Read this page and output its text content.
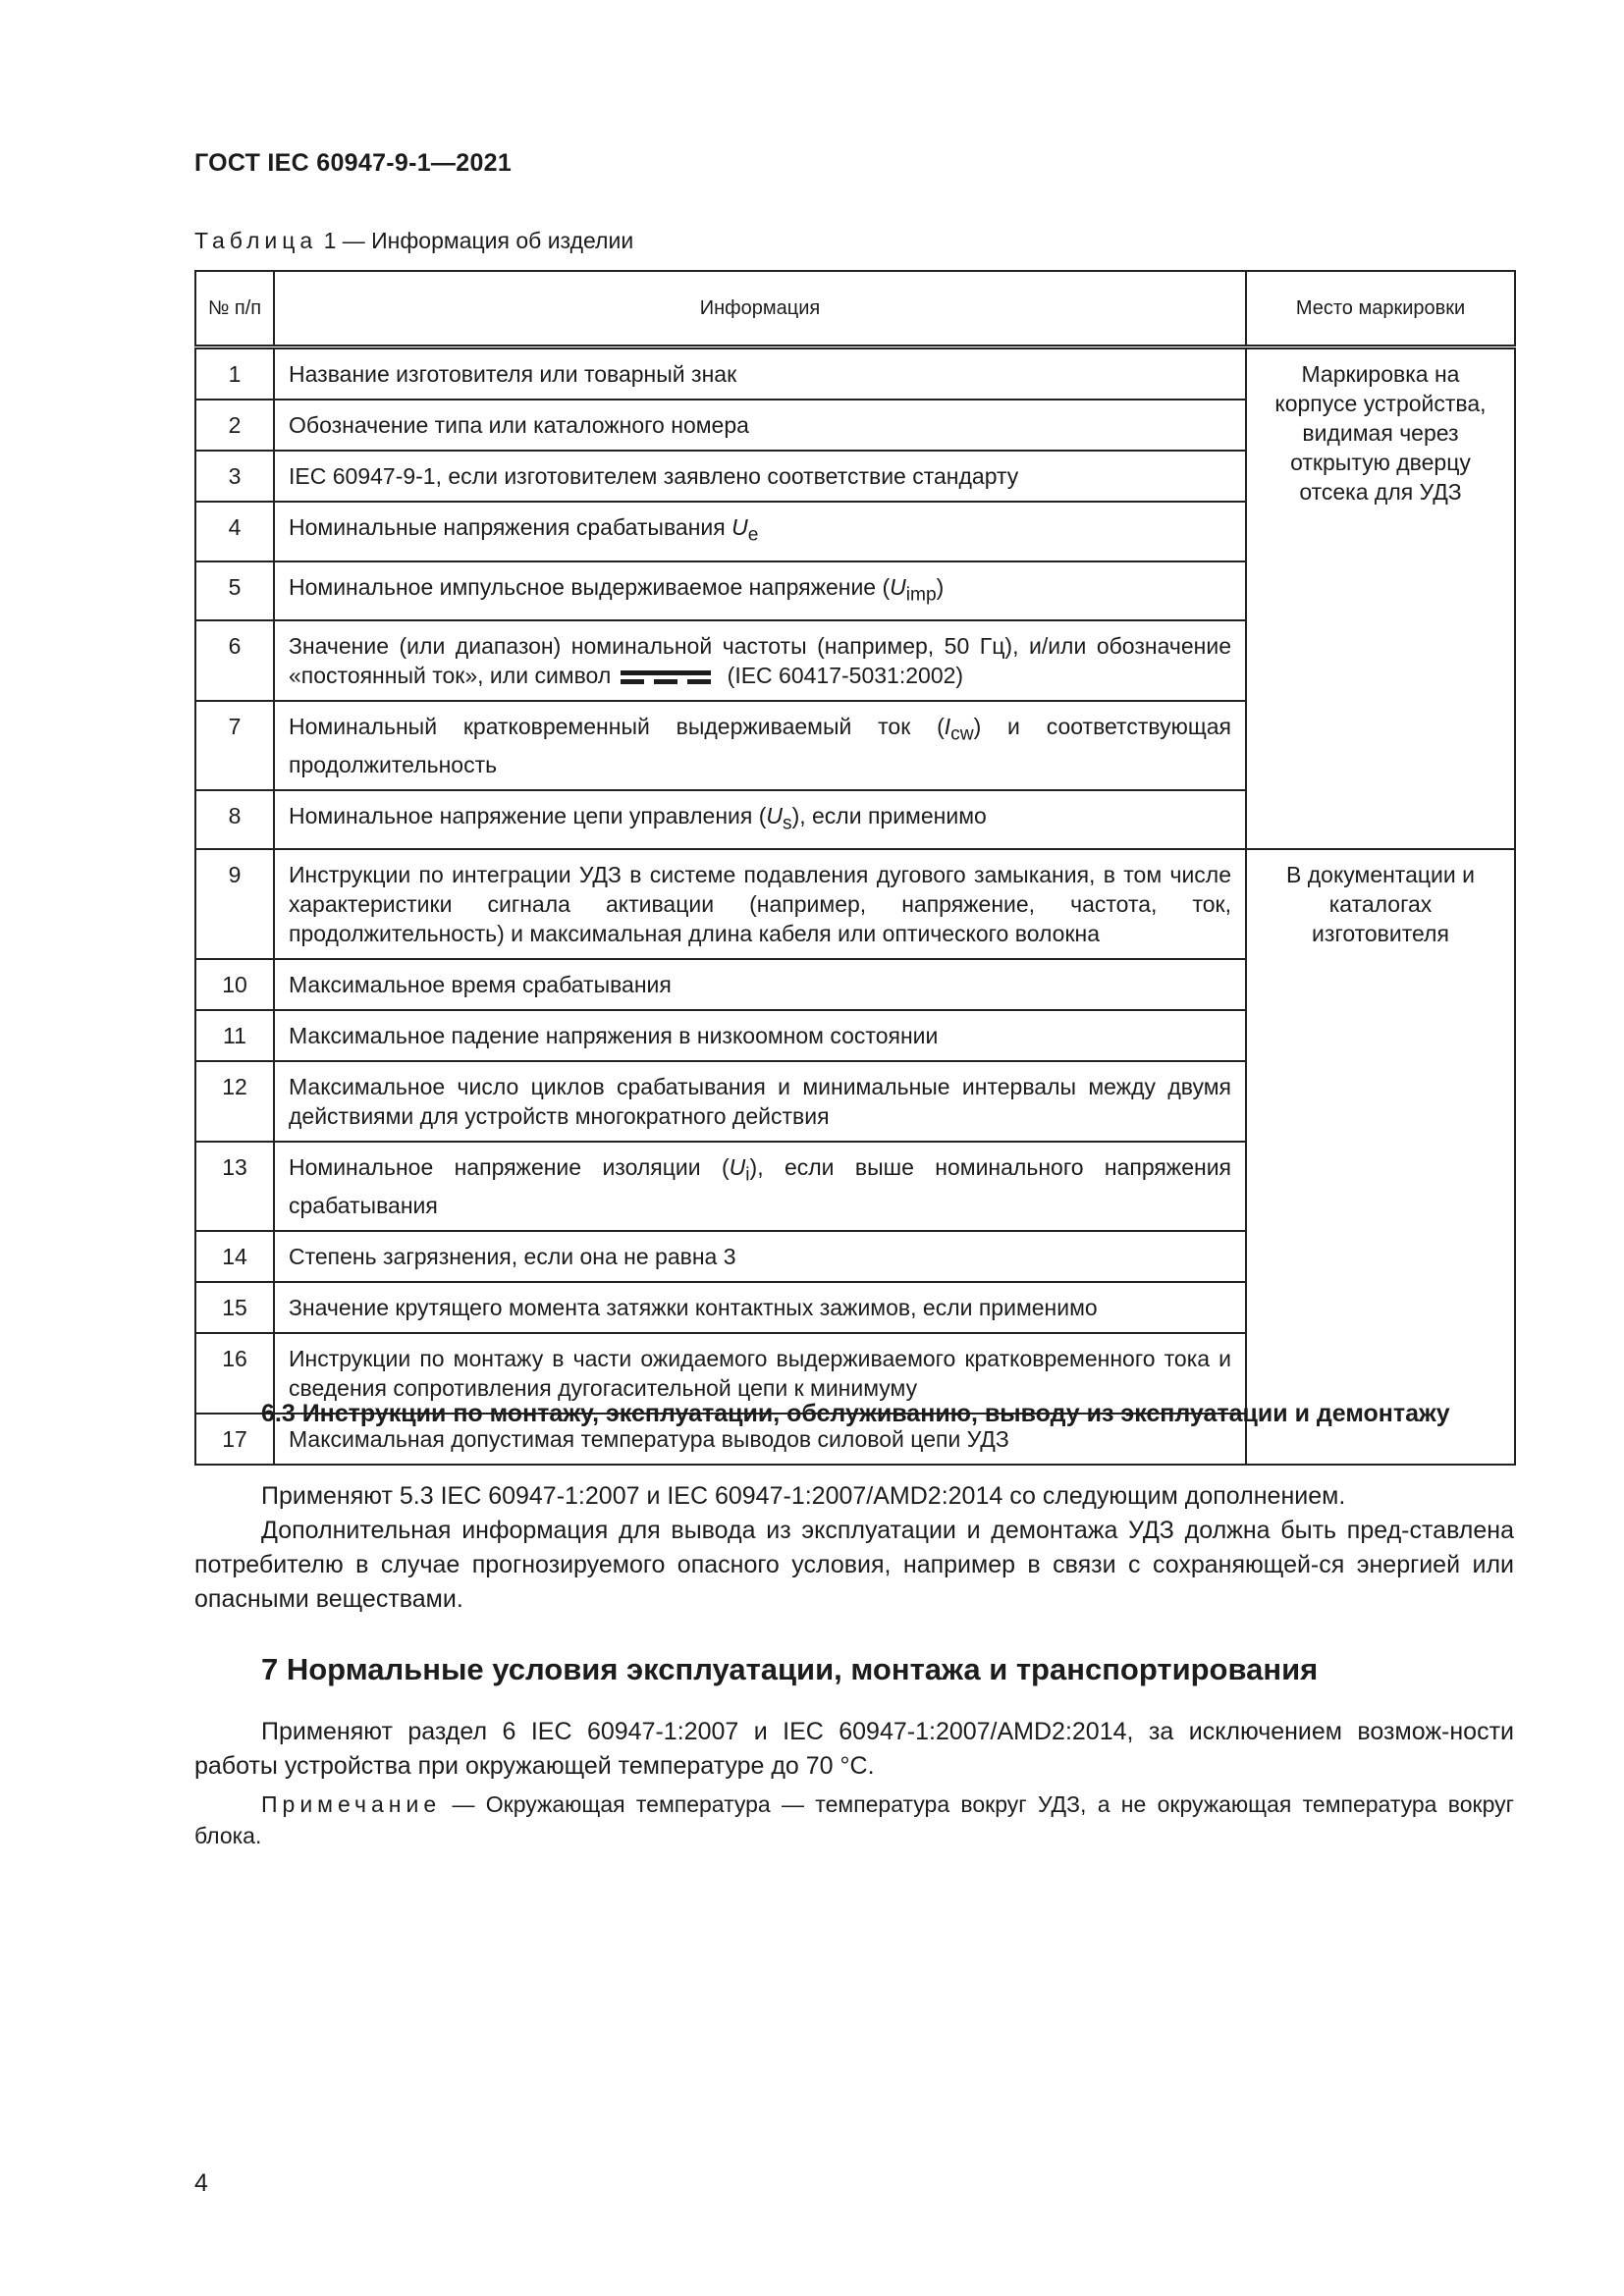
ГОСТ IEC 60947-9-1—2021
Таблица 1 — Информация об изделии
№ п/п	Информация	Место маркировки
1	Название изготовителя или товарный знак	Маркировка на корпусе устройства, видимая через открытую дверцу отсека для УДЗ
2	Обозначение типа или каталожного номера	
3	IEC 60947-9-1, если изготовителем заявлено соответствие стандарту	
4	Номинальные напряжения срабатывания $U_e$
5	Номинальное импульсное выдерживаемое напряжение $(U_{imp})$	
6	Значение (или диапазон) номинальной частоты (например, 50 Гц), и/или обозначение «постоянный ток», или символ (IEC 60417-5031:2002)	
7	Номинальный кратковременный выдерживаемый ток $(I_{cw})$ и соответствующая продолжительность	
8	Номинальное напряжение цепи управления $(U_s)$, если применимо	
9	Инструкции по интеграции УДЗ в системе подавления дугового замыкания, в том числе характеристики сигнала активации (например, напряжение, частота, ток, продолжительность) и максимальная длина кабеля или оптического волокна	В документации и каталогах изготовителя
10	Максимальное время срабатывания	
11	Максимальное падение напряжения в низкоомном состоянии	
12	Максимальное число циклов срабатывания и минимальные интервалы между двумя действиями для устройств многократного действия	
13	Номинальное напряжение изоляции $(U_i)$, если выше номинального напряжения срабатывания	
14	Степень загрязнения, если она не равна 3	
15	Значение крутящего момента затяжки контактных зажимов, если применимо	
16	Инструкции по монтажу в части ожидаемого выдерживаемого кратковременного тока и сведения сопротивления дугогасительной цепи к минимуму	
17	Максимальная допустимая температура выводов силовой цепи УДЗ	
6.3 Инструкции по монтажу, эксплуатации, обслуживанию, выводу из эксплуатации и демонтажу
Применяют 5.3 IEC 60947-1:2007 и IEC 60947-1:2007/AMD2:2014 со следующим дополнением.
Дополнительная информация для вывода из эксплуатации и демонтажа УДЗ должна быть пред-ставлена потребителю в случае прогнозируемого опасного условия, например в связи с сохраняющей-ся энергией или опасными веществами.
7 Нормальные условия эксплуатации, монтажа и транспортирования
Применяют раздел 6 IEC 60947-1:2007 и IEC 60947-1:2007/AMD2:2014, за исключением возмож-ности работы устройства при окружающей температуре до 70 °С.
Примечание — Окружающая температура — температура вокруг УДЗ, а не окружающая температура вокруг блока.
4
